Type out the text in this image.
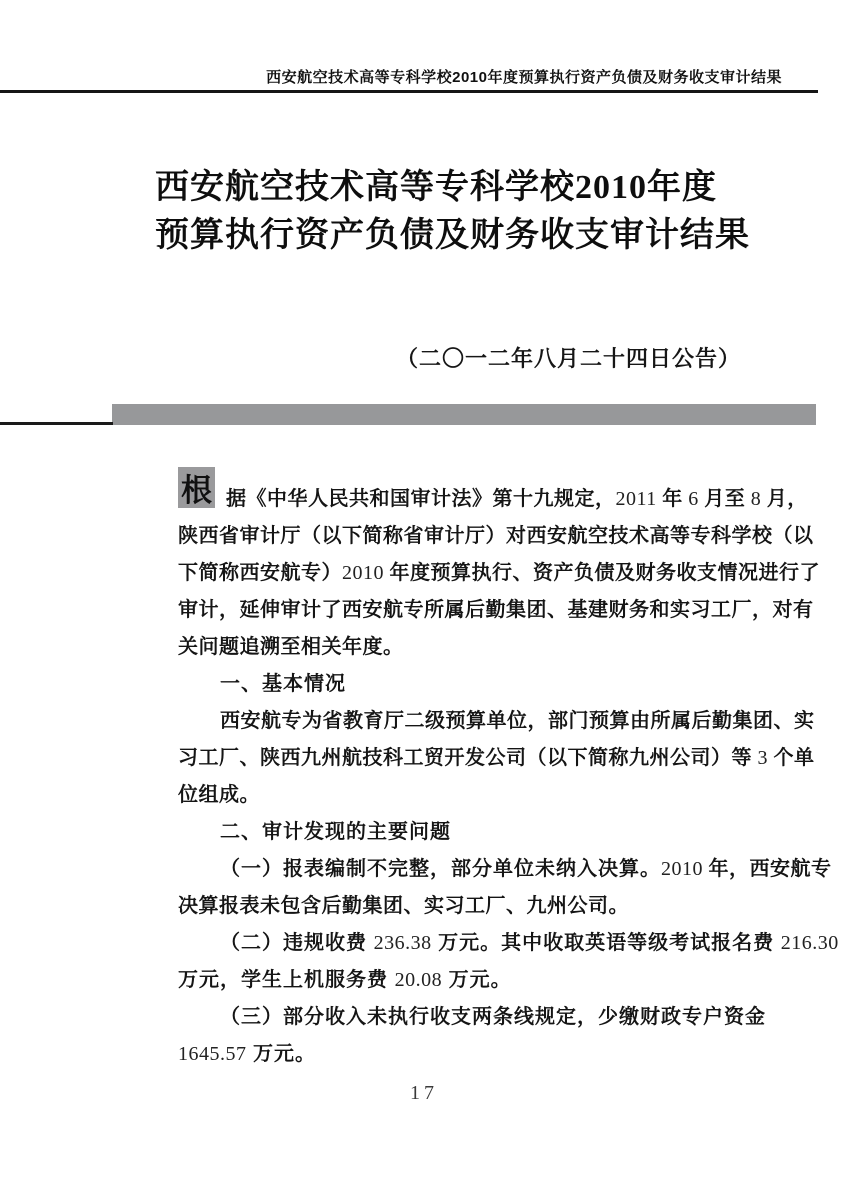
西安航空技术高等专科学校2010年度预算执行资产负债及财务收支审计结果
西安航空技术高等专科学校2010年度
预算执行资产负债及财务收支审计结果
（二〇一二年八月二十四日公告）
根 据《中华人民共和国审计法》第十九规定，2011 年 6 月至 8 月，
陕西省审计厅（以下简称省审计厅）对西安航空技术高等专科学校（以
下简称西安航专）2010 年度预算执行、资产负债及财务收支情况进行了
审计，延伸审计了西安航专所属后勤集团、基建财务和实习工厂，对有
关问题追溯至相关年度。
一、基本情况
西安航专为省教育厅二级预算单位，部门预算由所属后勤集团、实
习工厂、陕西九州航技科工贸开发公司（以下简称九州公司）等 3 个单
位组成。
二、审计发现的主要问题
（一）报表编制不完整，部分单位未纳入决算。2010 年，西安航专
决算报表未包含后勤集团、实习工厂、九州公司。
（二）违规收费 236.38 万元。其中收取英语等级考试报名费 216.30
万元，学生上机服务费 20.08 万元。
（三）部分收入未执行收支两条线规定，少缴财政专户资金
1645.57 万元。
17
